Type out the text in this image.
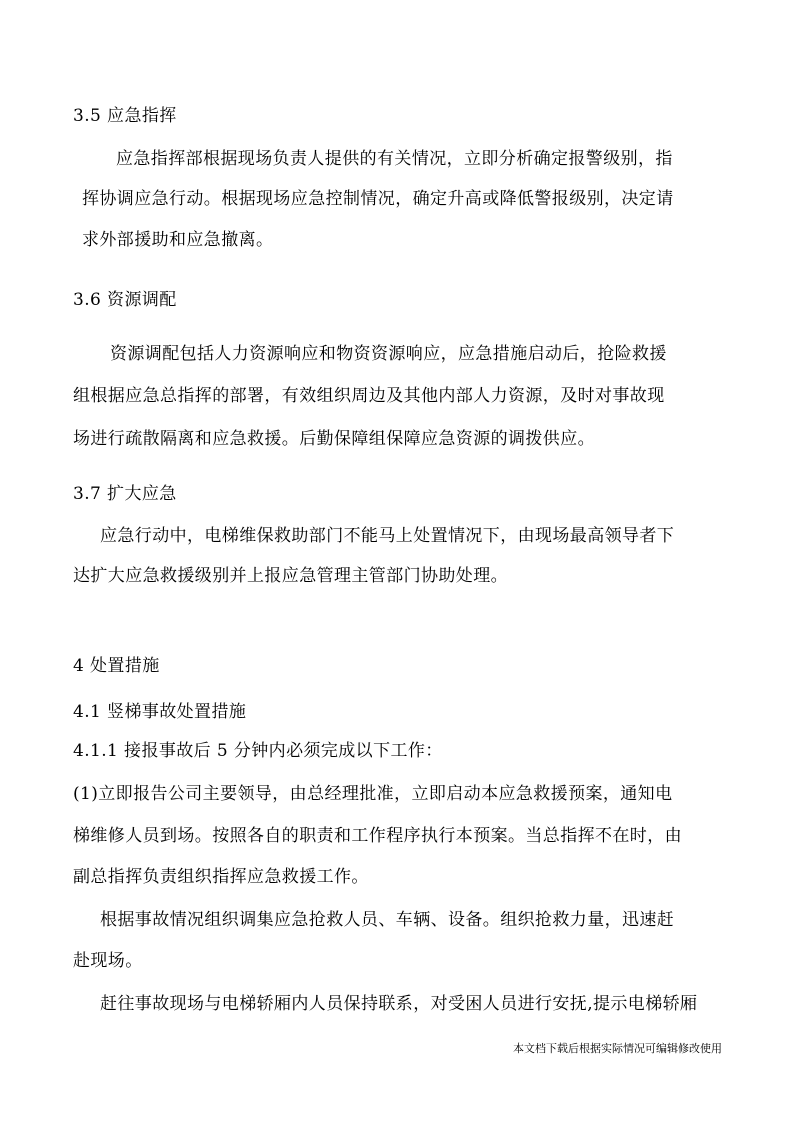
3.5 应急指挥
应急指挥部根据现场负责人提供的有关情况，立即分析确定报警级别，指
挥协调应急行动。根据现场应急控制情况，确定升高或降低警报级别，决定请
求外部援助和应急撤离。
3.6 资源调配
资源调配包括人力资源响应和物资资源响应，应急措施启动后，抢险救援
组根据应急总指挥的部署，有效组织周边及其他内部人力资源，及时对事故现
场进行疏散隔离和应急救援。后勤保障组保障应急资源的调拨供应。
3.7 扩大应急
应急行动中，电梯维保救助部门不能马上处置情况下，由现场最高领导者下
达扩大应急救援级别并上报应急管理主管部门协助处理。
4 处置措施
4.1 竖梯事故处置措施
4.1.1 接报事故后 5 分钟内必须完成以下工作：
(1)立即报告公司主要领导，由总经理批准，立即启动本应急救援预案，通知电
梯维修人员到场。按照各自的职责和工作程序执行本预案。当总指挥不在时，由
副总指挥负责组织指挥应急救援工作。
根据事故情况组织调集应急抢救人员、车辆、设备。组织抢救力量，迅速赶
赴现场。
赶往事故现场与电梯轿厢内人员保持联系，对受困人员进行安抚,提示电梯轿厢
本文档下载后根据实际情况可编辑修改使用
